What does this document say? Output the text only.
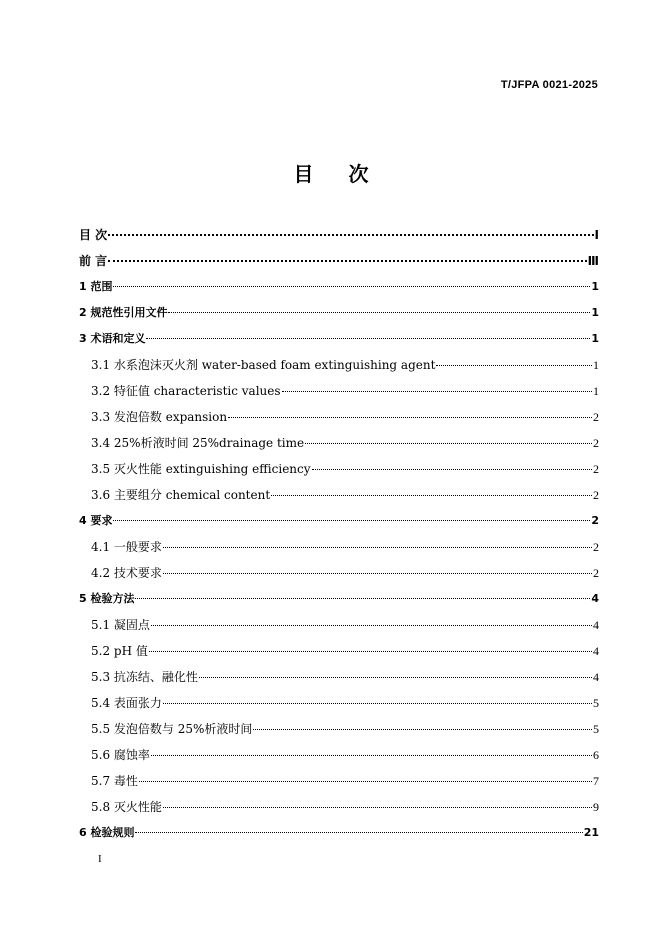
T/JFPA 0021-2025
目 次
目 次	Ⅰ
前 言	Ⅲ
1 范围	1
2 规范性引用文件	1
3 术语和定义	1
3.1 水系泡沫灭火剂 water-based foam extinguishing agent	1
3.2 特征值 characteristic values	1
3.3 发泡倍数 expansion	2
3.4 25%析液时间 25%drainage time	2
3.5 灭火性能 extinguishing efficiency	2
3.6 主要组分 chemical content	2
4 要求	2
4.1 一般要求	2
4.2 技术要求	2
5 检验方法	4
5.1 凝固点	4
5.2 pH 值	4
5.3 抗冻结、融化性	4
5.4 表面张力	5
5.5 发泡倍数与 25%析液时间	5
5.6 腐蚀率	6
5.7 毒性	7
5.8 灭火性能	9
6 检验规则	21
I
